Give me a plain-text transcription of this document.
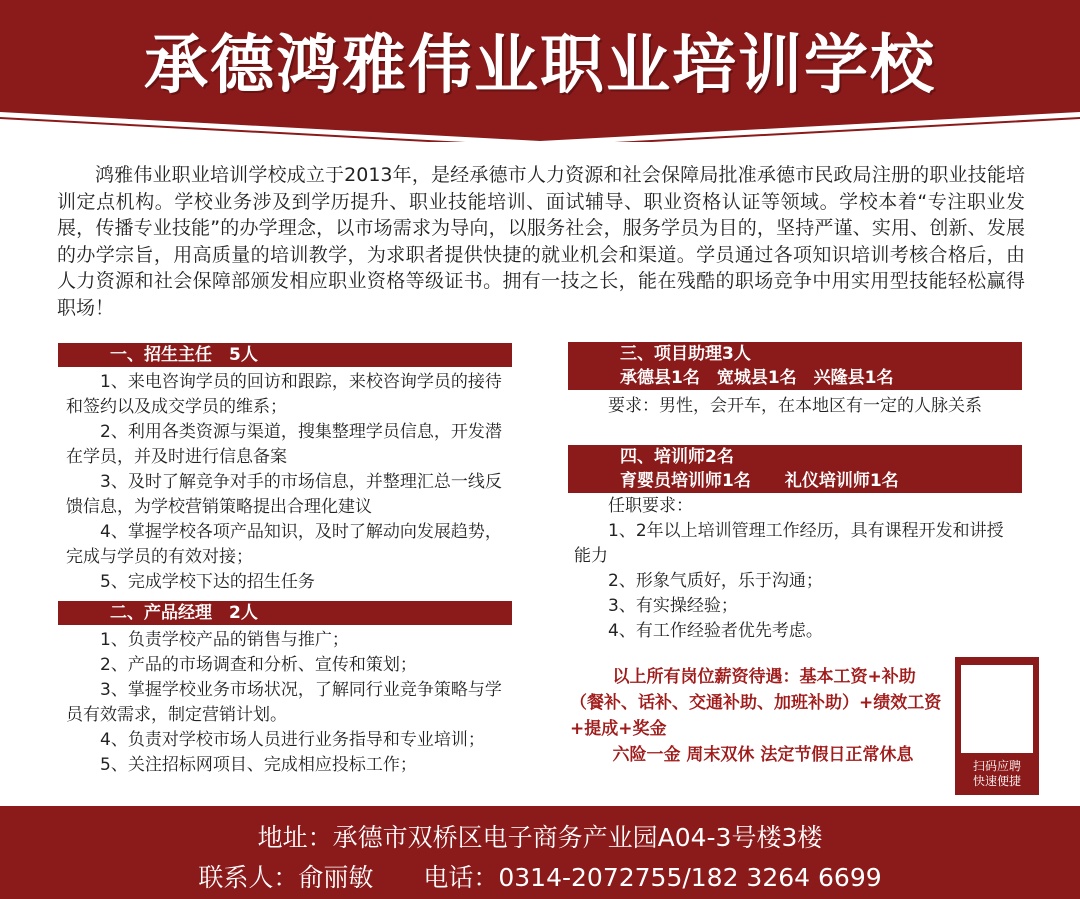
承德鸿雅伟业职业培训学校
鸿雅伟业职业培训学校成立于2013年，是经承德市人力资源和社会保障局批准承德市民政局注册的职业技能培训定点机构。学校业务涉及到学历提升、职业技能培训、面试辅导、职业资格认证等领域。学校本着“专注职业发展，传播专业技能”的办学理念，以市场需求为导向，以服务社会，服务学员为目的，坚持严谨、实用、创新、发展的办学宗旨，用高质量的培训教学，为求职者提供快捷的就业机会和渠道。学员通过各项知识培训考核合格后，由人力资源和社会保障部颁发相应职业资格等级证书。拥有一技之长，能在残酷的职场竞争中用实用型技能轻松赢得职场！
一、招生主任　5人

1、来电咨询学员的回访和跟踪，来校咨询学员的接待和签约以及成交学员的维系；

2、利用各类资源与渠道，搜集整理学员信息，开发潜在学员，并及时进行信息备案

3、及时了解竞争对手的市场信息，并整理汇总一线反馈信息，为学校营销策略提出合理化建议

4、掌握学校各项产品知识，及时了解动向发展趋势，完成与学员的有效对接；

5、完成学校下达的招生任务

二、产品经理　2人

1、负责学校产品的销售与推广；

2、产品的市场调查和分析、宣传和策划；

3、掌握学校业务市场状况，了解同行业竞争策略与学员有效需求，制定营销计划。

4、负责对学校市场人员进行业务指导和专业培训；

5、关注招标网项目、完成相应投标工作；

三、项目助理3人
承德县1名　宽城县1名　兴隆县1名

要求：男性，会开车，在本地区有一定的人脉关系

四、培训师2名
育婴员培训师1名　　礼仪培训师1名

任职要求：

1、2年以上培训管理工作经历，具有课程开发和讲授能力

2、形象气质好，乐于沟通；

3、有实操经验；

4、有工作经验者优先考虑。

以上所有岗位薪资待遇：基本工资+补助（餐补、话补、交通补助、加班补助）+绩效工资+提成+奖金

六险一金 周末双休 法定节假日正常休息

扫码应聘
快速便捷
地址：承德市双桥区电子商务产业园A04-3号楼3楼
联系人：俞丽敏　　电话：0314-2072755/182 3264 6699
